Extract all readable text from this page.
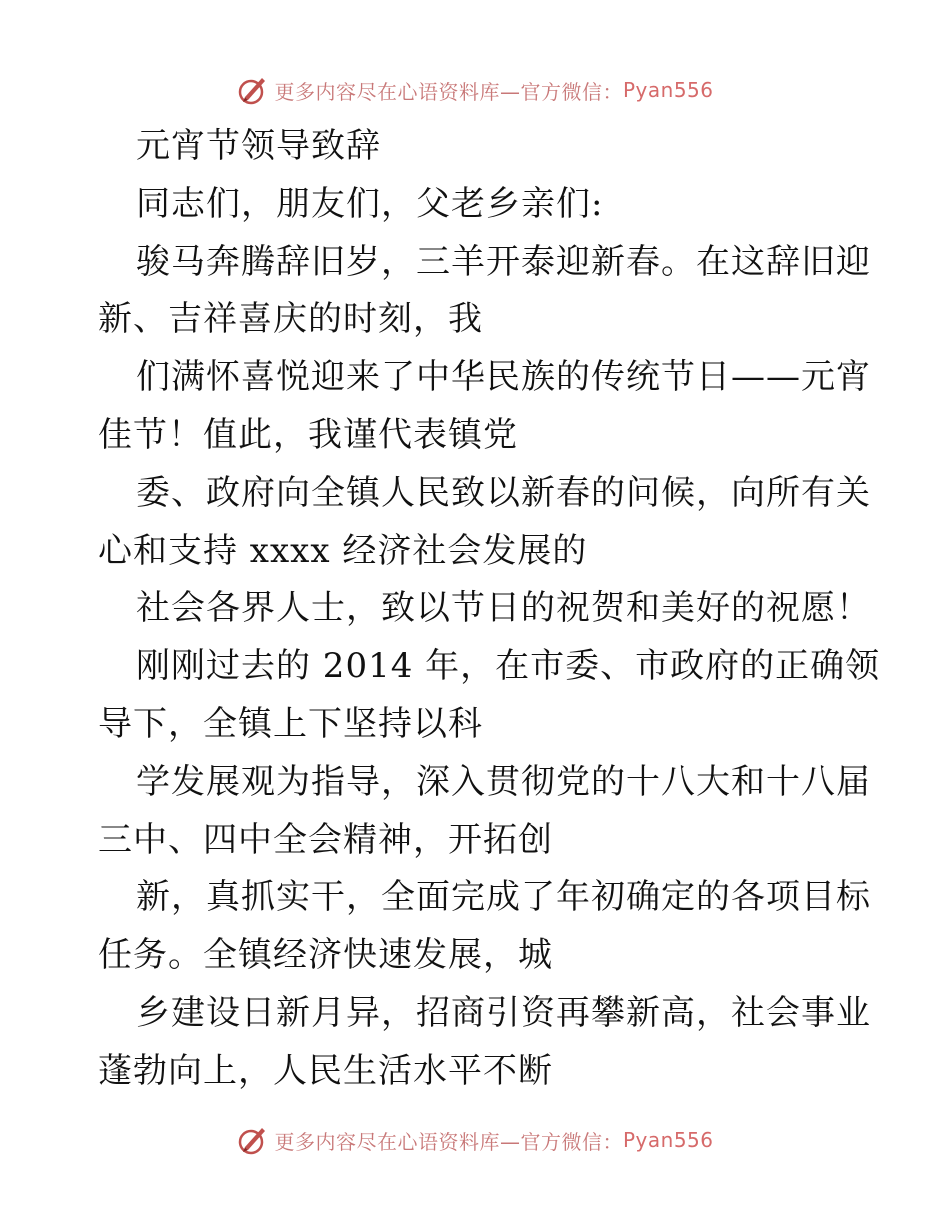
更多内容尽在心语资料库—官方微信： Pyan556
元宵节领导致辞
同志们，朋友们，父老乡亲们:
骏马奔腾辞旧岁，三羊开泰迎新春。在这辞旧迎
新、吉祥喜庆的时刻，我
们满怀喜悦迎来了中华民族的传统节日——元宵
佳节！值此，我谨代表镇党
委、政府向全镇人民致以新春的问候，向所有关
心和支持 xxxx 经济社会发展的
社会各界人士，致以节日的祝贺和美好的祝愿！
刚刚过去的 2014 年，在市委、市政府的正确领
导下，全镇上下坚持以科
学发展观为指导，深入贯彻党的十八大和十八届
三中、四中全会精神，开拓创
新，真抓实干，全面完成了年初确定的各项目标
任务。全镇经济快速发展，城
乡建设日新月异，招商引资再攀新高，社会事业
蓬勃向上，人民生活水平不断
更多内容尽在心语资料库—官方微信： Pyan556
